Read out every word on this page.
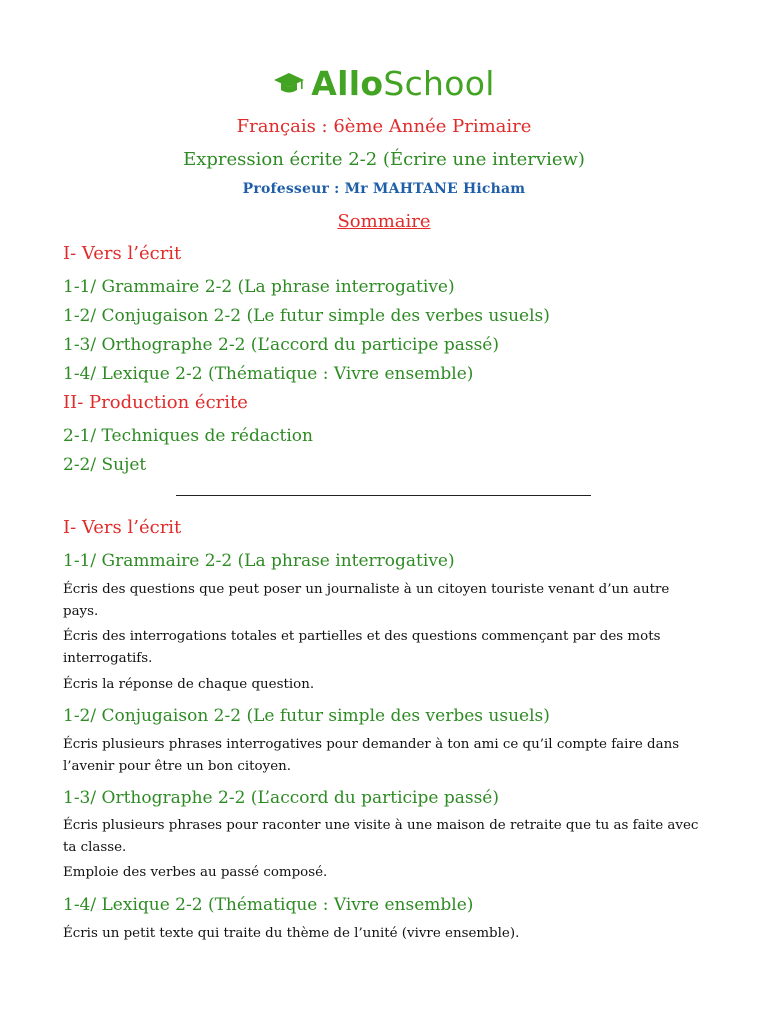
AlloSchool
Français : 6ème Année Primaire
Expression écrite 2-2 (Écrire une interview)
Professeur : Mr MAHTANE Hicham
Sommaire
I- Vers l’écrit
1-1/ Grammaire 2-2 (La phrase interrogative)
1-2/ Conjugaison 2-2 (Le futur simple des verbes usuels)
1-3/ Orthographe 2-2 (L’accord du participe passé)
1-4/ Lexique 2-2 (Thématique : Vivre ensemble)
II- Production écrite
2-1/ Techniques de rédaction
2-2/ Sujet
I- Vers l’écrit
1-1/ Grammaire 2-2 (La phrase interrogative)
Écris des questions que peut poser un journaliste à un citoyen touriste venant d’un autre
pays.
Écris des interrogations totales et partielles et des questions commençant par des mots
interrogatifs.
Écris la réponse de chaque question.
1-2/ Conjugaison 2-2 (Le futur simple des verbes usuels)
Écris plusieurs phrases interrogatives pour demander à ton ami ce qu’il compte faire dans
l’avenir pour être un bon citoyen.
1-3/ Orthographe 2-2 (L’accord du participe passé)
Écris plusieurs phrases pour raconter une visite à une maison de retraite que tu as faite avec
ta classe.
Emploie des verbes au passé composé.
1-4/ Lexique 2-2 (Thématique : Vivre ensemble)
Écris un petit texte qui traite du thème de l’unité (vivre ensemble).
